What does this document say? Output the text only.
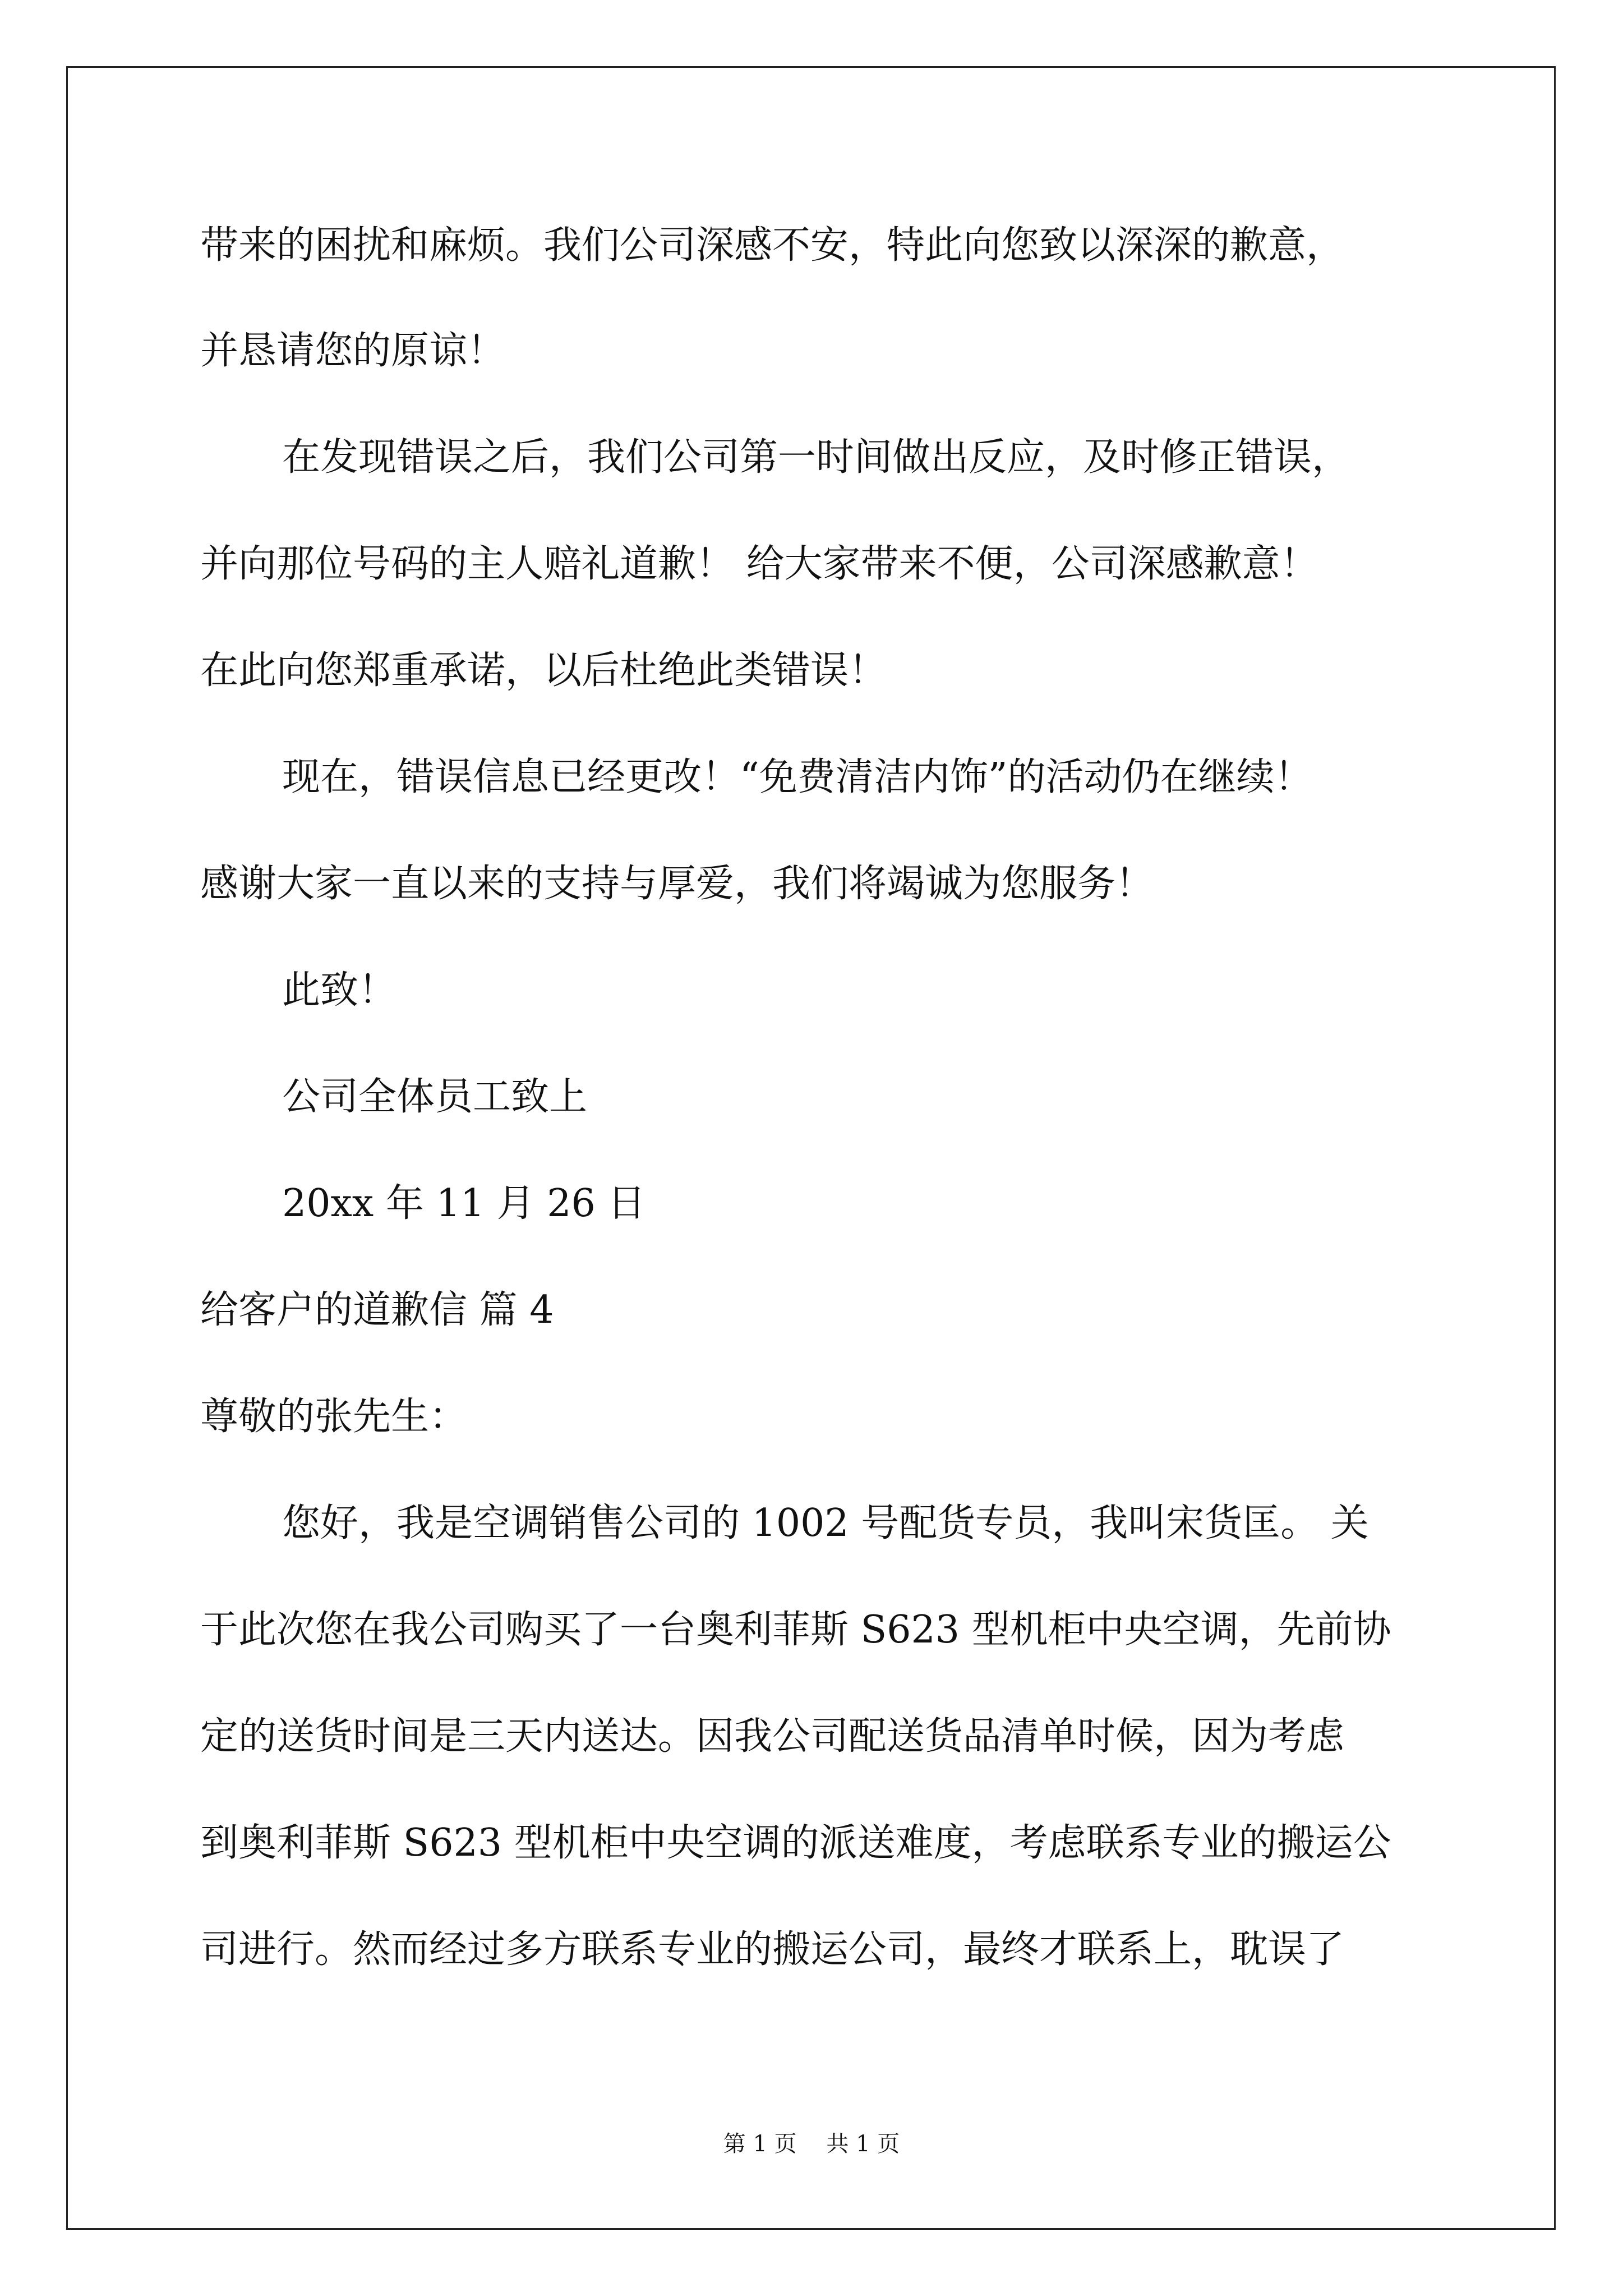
带来的困扰和麻烦。我们公司深感不安，特此向您致以深深的歉意，
并恳请您的原谅！
在发现错误之后，我们公司第一时间做出反应，及时修正错误，
并向那位号码的主人赔礼道歉！ 给大家带来不便，公司深感歉意！
在此向您郑重承诺，以后杜绝此类错误！
现在，错误信息已经更改！“免费清洁内饰”的活动仍在继续！
感谢大家一直以来的支持与厚爱，我们将竭诚为您服务！
此致！
公司全体员工致上
20xx 年 11 月 26 日
给客户的道歉信 篇 4
尊敬的张先生：
您好，我是空调销售公司的 1002 号配货专员，我叫宋货匡。 关
于此次您在我公司购买了一台奥利菲斯 S623 型机柜中央空调，先前协
定的送货时间是三天内送达。因我公司配送货品清单时候，因为考虑
到奥利菲斯 S623 型机柜中央空调的派送难度，考虑联系专业的搬运公
司进行。然而经过多方联系专业的搬运公司，最终才联系上，耽误了
第 1 页 共 1 页
